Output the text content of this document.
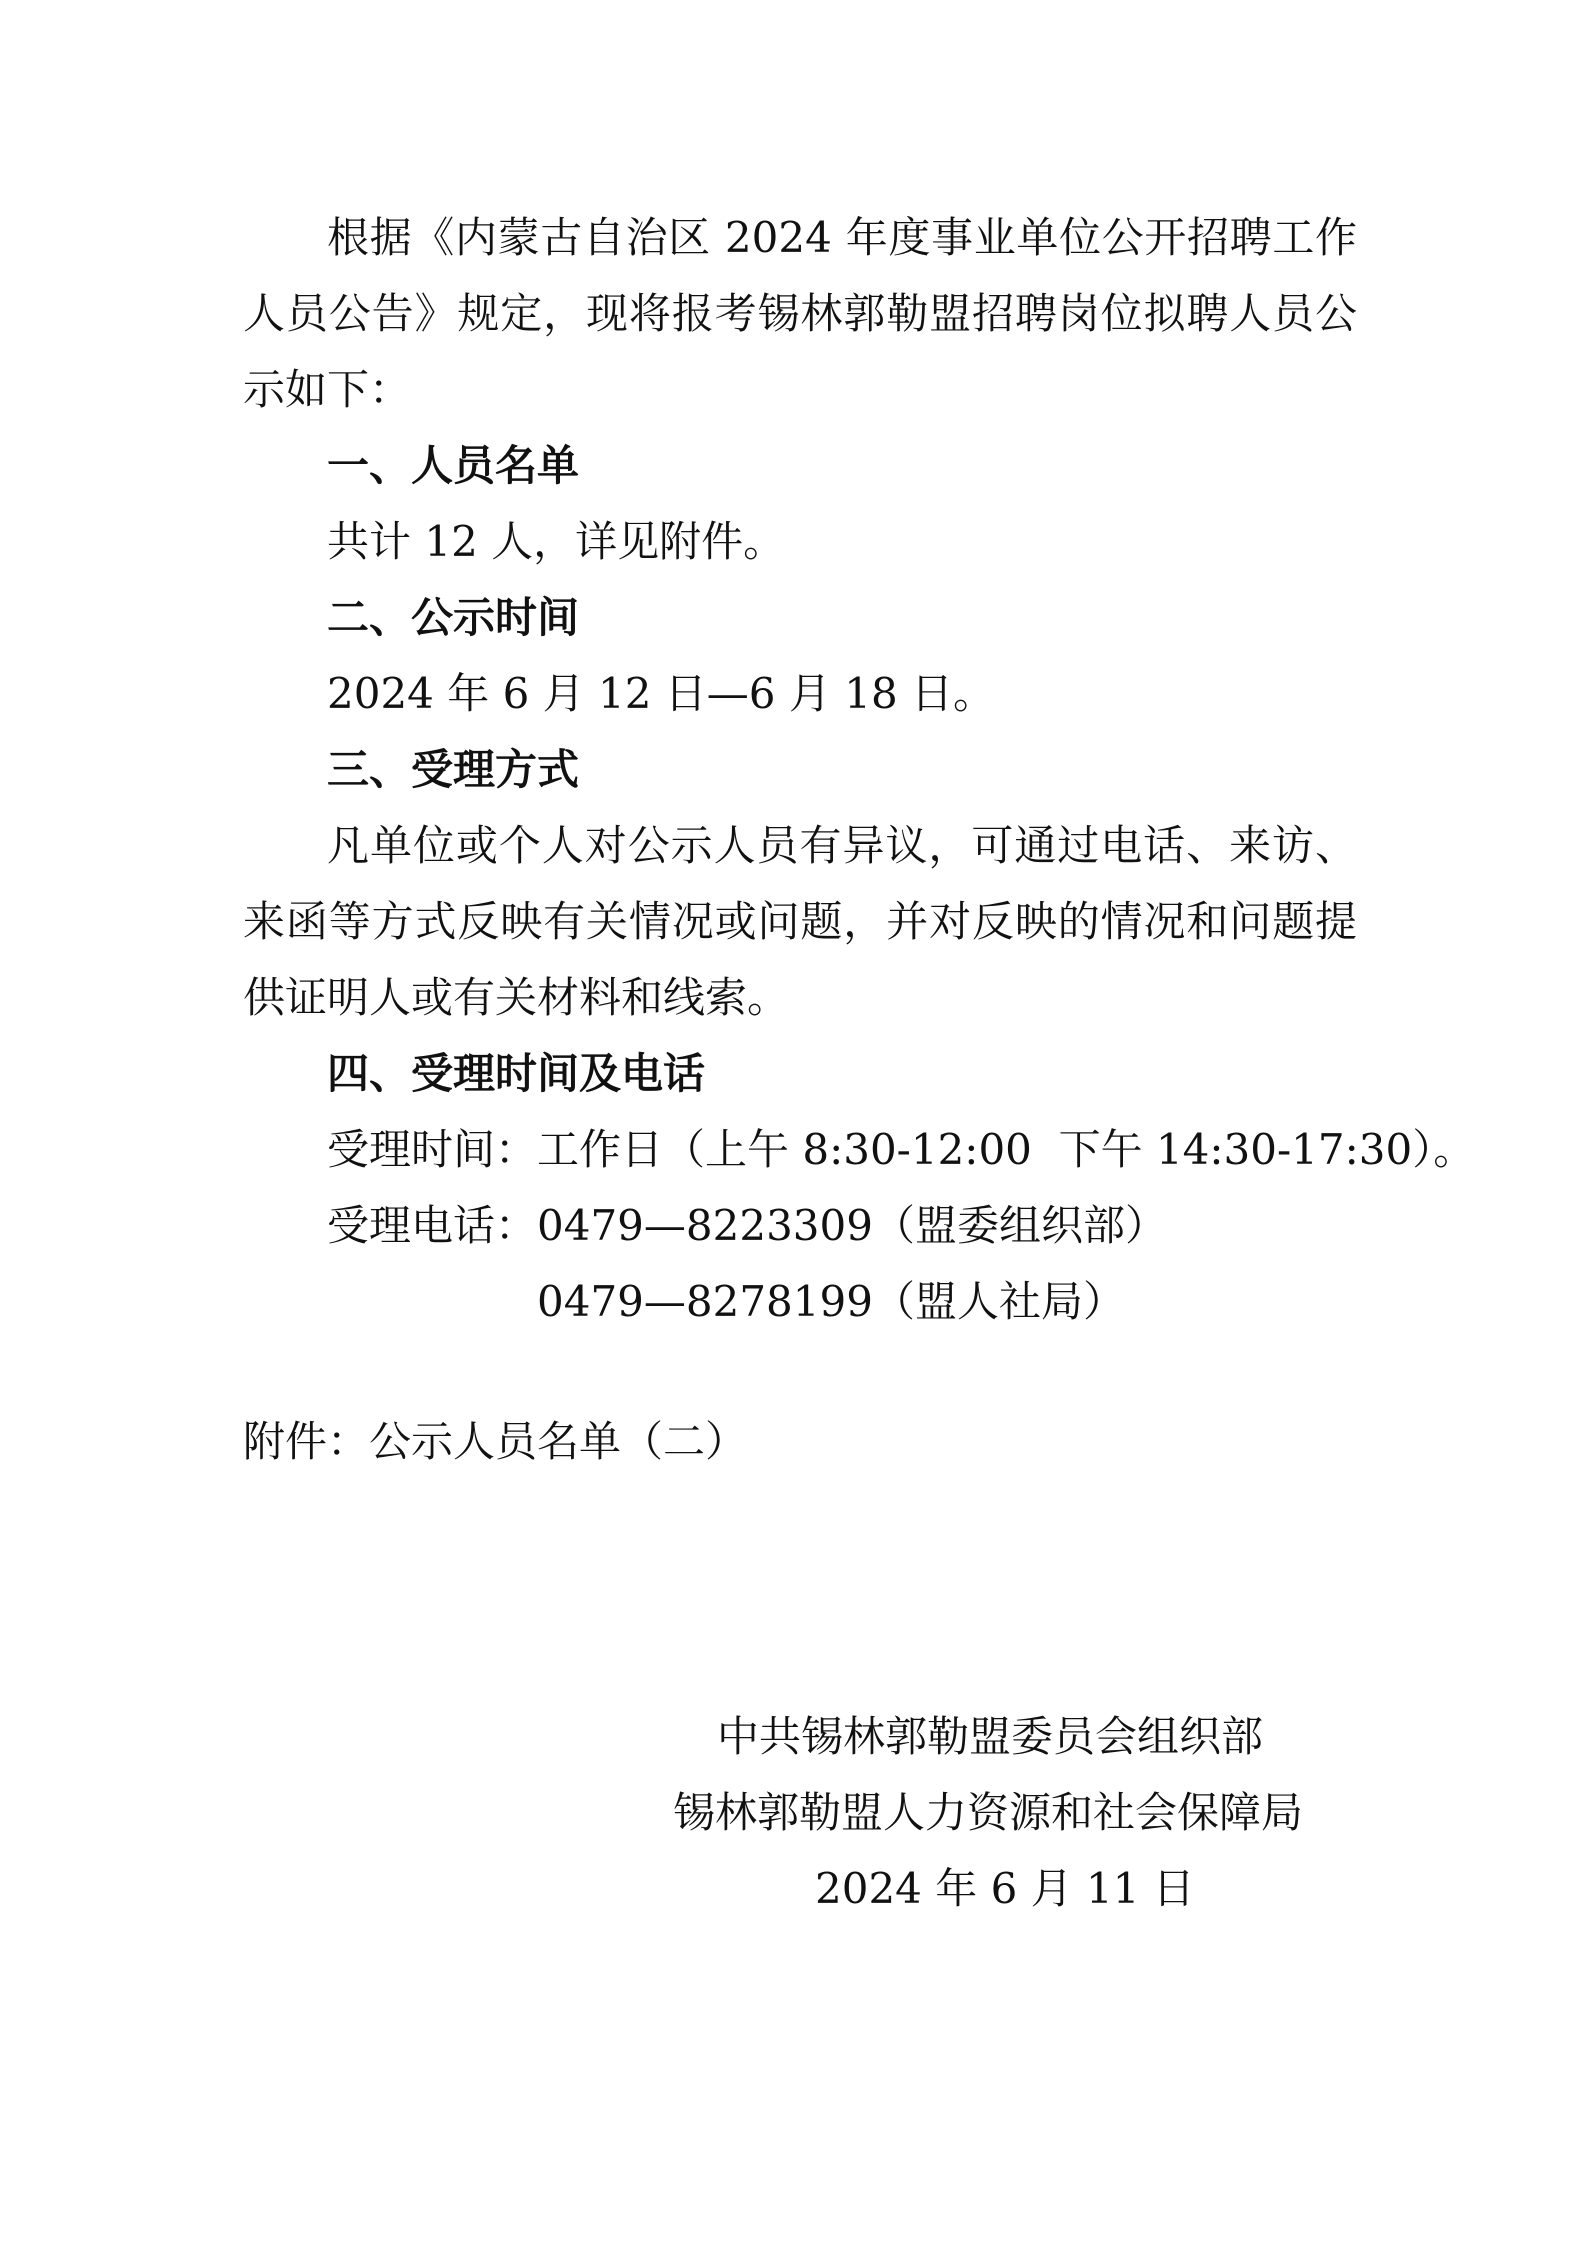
根据《内蒙古自治区 2024 年度事业单位公开招聘工作
人员公告》规定，现将报考锡林郭勒盟招聘岗位拟聘人员公
示如下：
一、人员名单
共计 12 人，详见附件。
二、公示时间
2024 年 6 月 12 日—6 月 18 日。
三、受理方式
凡单位或个人对公示人员有异议，可通过电话、来访、
来函等方式反映有关情况或问题，并对反映的情况和问题提
供证明人或有关材料和线索。
四、受理时间及电话
受理时间：工作日（上午 8:30-12:00  下午 14:30-17:30）。
受理电话：0479—8223309（盟委组织部）
0479—8278199（盟人社局）
附件：公示人员名单（二）
中共锡林郭勒盟委员会组织部
锡林郭勒盟人力资源和社会保障局
2024 年 6 月 11 日
